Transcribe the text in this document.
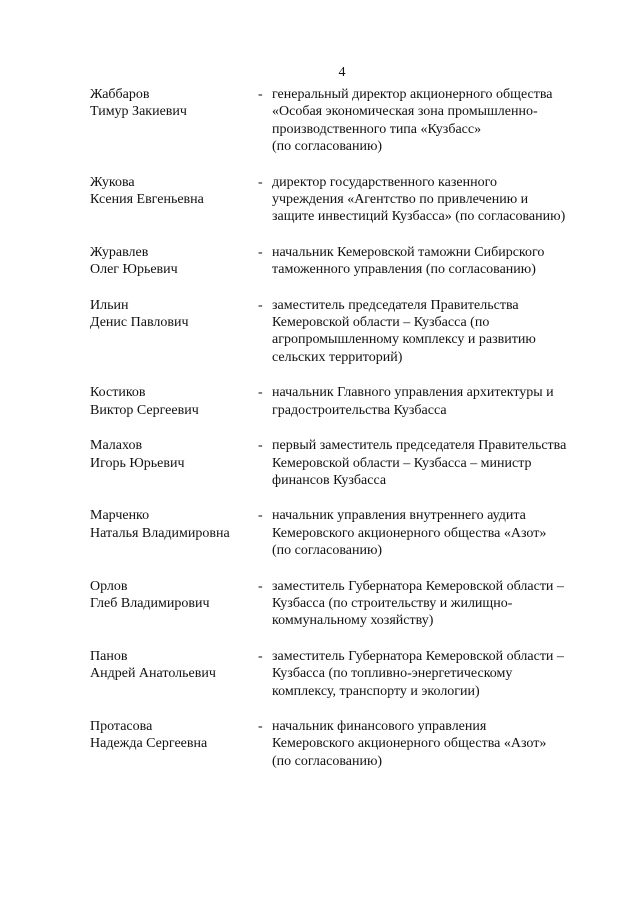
4
Жаббаров
Тимур Закиевич
- генеральный директор акционерного общества
«Особая экономическая зона промышленно-
производственного типа «Кузбасс»
(по согласованию)
Жукова
Ксения Евгеньевна
- директор государственного казенного
учреждения «Агентство по привлечению и
защите инвестиций Кузбасса» (по согласованию)
Журавлев
Олег Юрьевич
- начальник Кемеровской таможни Сибирского
таможенного управления (по согласованию)
Ильин
Денис Павлович
- заместитель председателя Правительства
Кемеровской области – Кузбасса (по
агропромышленному комплексу и развитию
сельских территорий)
Костиков
Виктор Сергеевич
- начальник Главного управления архитектуры и
градостроительства Кузбасса
Малахов
Игорь Юрьевич
- первый заместитель председателя Правительства
Кемеровской области – Кузбасса – министр
финансов Кузбасса
Марченко
Наталья Владимировна
- начальник управления внутреннего аудита
Кемеровского акционерного общества «Азот»
(по согласованию)
Орлов
Глеб Владимирович
- заместитель Губернатора Кемеровской области –
Кузбасса (по строительству и жилищно-
коммунальному хозяйству)
Панов
Андрей Анатольевич
- заместитель Губернатора Кемеровской области –
Кузбасса (по топливно-энергетическому
комплексу, транспорту и экологии)
Протасова
Надежда Сергеевна
- начальник финансового управления
Кемеровского акционерного общества «Азот»
(по согласованию)
